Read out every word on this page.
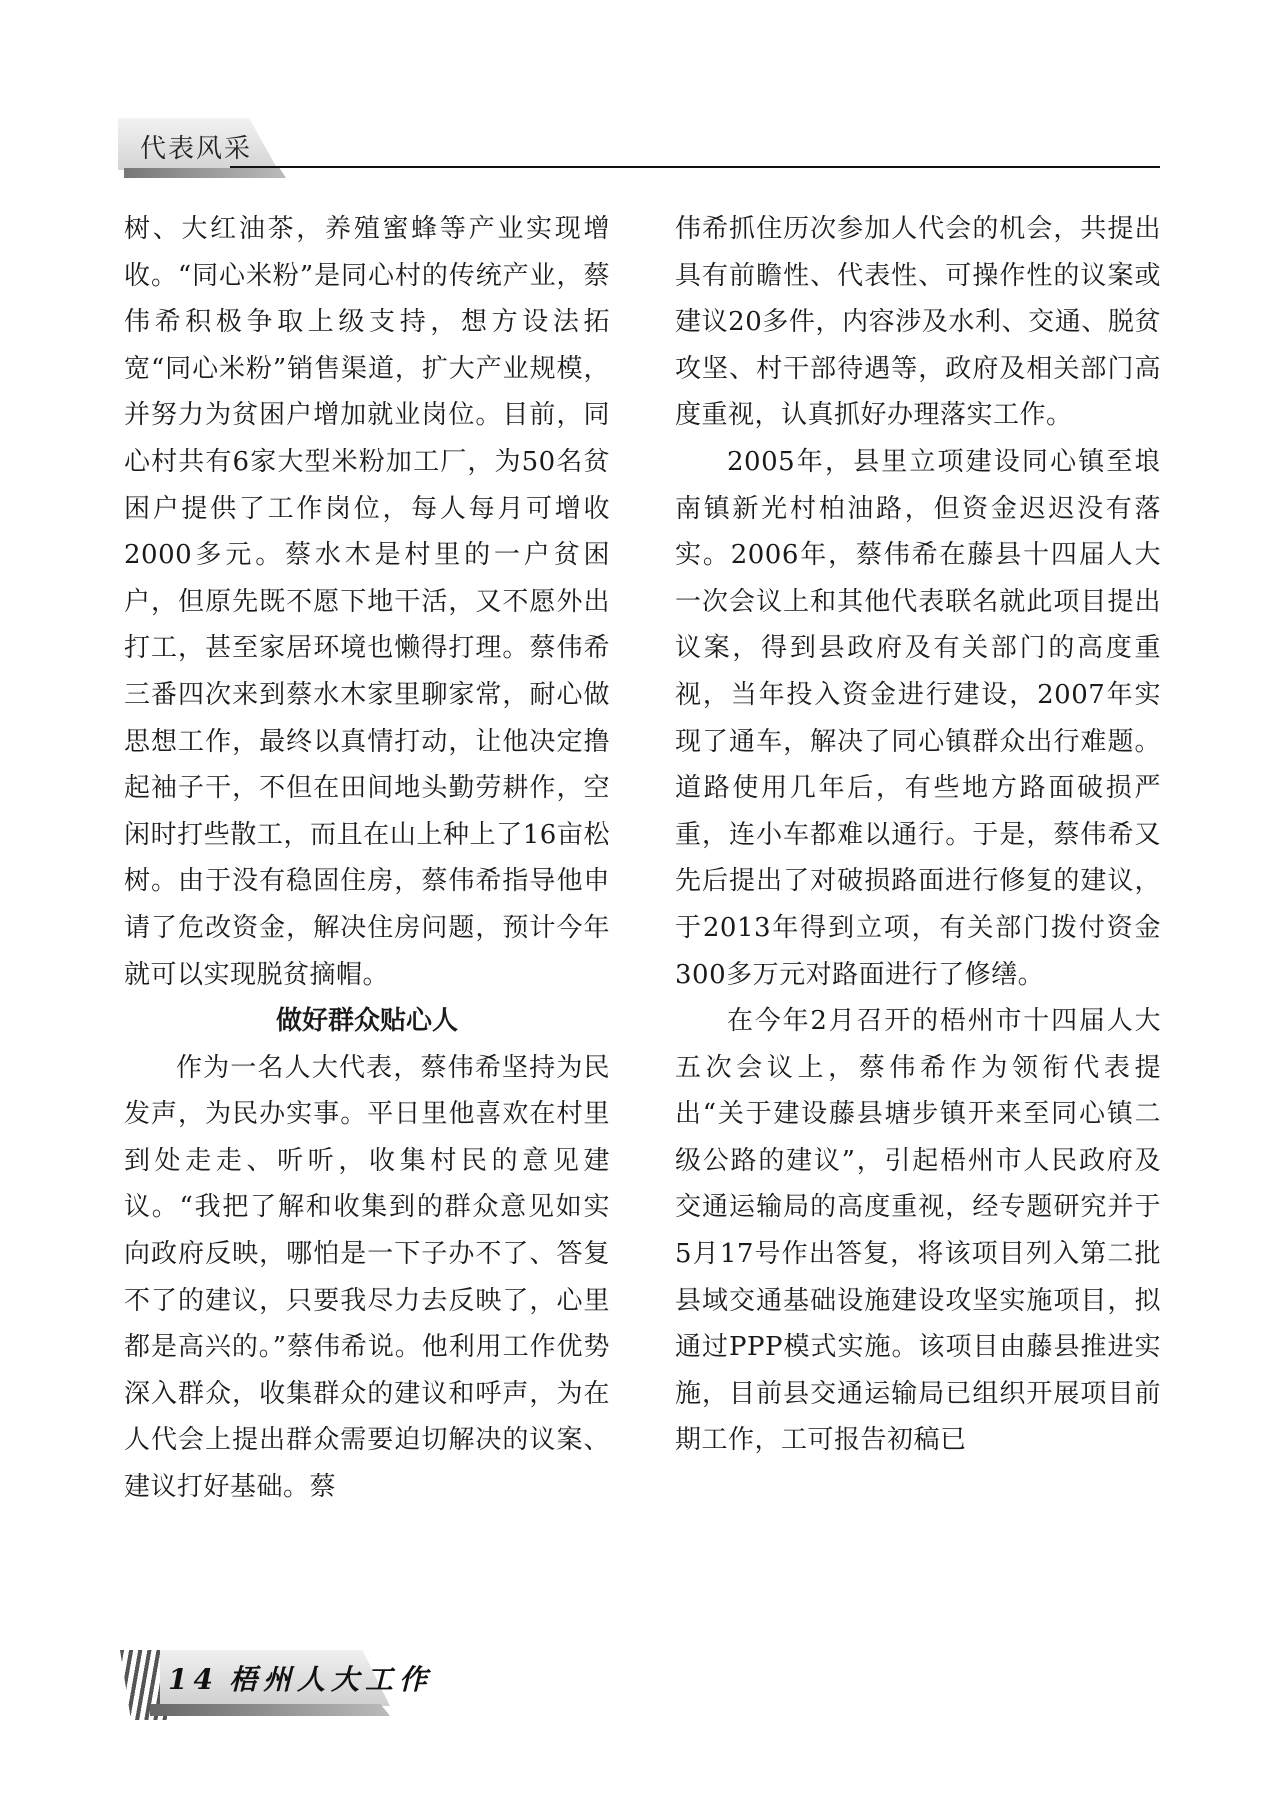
代表风采

树、大红油茶，养殖蜜蜂等产业实现增收。“同心米粉”是同心村的传统产业，蔡伟希积极争取上级支持，想方设法拓宽“同心米粉”销售渠道，扩大产业规模，并努力为贫困户增加就业岗位。目前，同心村共有6家大型米粉加工厂，为50名贫困户提供了工作岗位，每人每月可增收2000多元。蔡水木是村里的一户贫困户，但原先既不愿下地干活，又不愿外出打工，甚至家居环境也懒得打理。蔡伟希三番四次来到蔡水木家里聊家常，耐心做思想工作，最终以真情打动，让他决定撸起袖子干，不但在田间地头勤劳耕作，空闲时打些散工，而且在山上种上了16亩松树。由于没有稳固住房，蔡伟希指导他申请了危改资金，解决住房问题，预计今年就可以实现脱贫摘帽。

做好群众贴心人

作为一名人大代表，蔡伟希坚持为民发声，为民办实事。平日里他喜欢在村里到处走走、听听，收集村民的意见建议。“我把了解和收集到的群众意见如实向政府反映，哪怕是一下子办不了、答复不了的建议，只要我尽力去反映了，心里都是高兴的。”蔡伟希说。他利用工作优势深入群众，收集群众的建议和呼声，为在人代会上提出群众需要迫切解决的议案、建议打好基础。蔡

伟希抓住历次参加人代会的机会，共提出具有前瞻性、代表性、可操作性的议案或建议20多件，内容涉及水利、交通、脱贫攻坚、村干部待遇等，政府及相关部门高度重视，认真抓好办理落实工作。

2005年，县里立项建设同心镇至埌南镇新光村柏油路，但资金迟迟没有落实。2006年，蔡伟希在藤县十四届人大一次会议上和其他代表联名就此项目提出议案，得到县政府及有关部门的高度重视，当年投入资金进行建设，2007年实现了通车，解决了同心镇群众出行难题。道路使用几年后，有些地方路面破损严重，连小车都难以通行。于是，蔡伟希又先后提出了对破损路面进行修复的建议，于2013年得到立项，有关部门拨付资金300多万元对路面进行了修缮。

在今年2月召开的梧州市十四届人大五次会议上，蔡伟希作为领衔代表提出“关于建设藤县塘步镇开来至同心镇二级公路的建议”，引起梧州市人民政府及交通运输局的高度重视，经专题研究并于5月17号作出答复，将该项目列入第二批县域交通基础设施建设攻坚实施项目，拟通过PPP模式实施。该项目由藤县推进实施，目前县交通运输局已组织开展项目前期工作，工可报告初稿已

14 梧州人大工作
